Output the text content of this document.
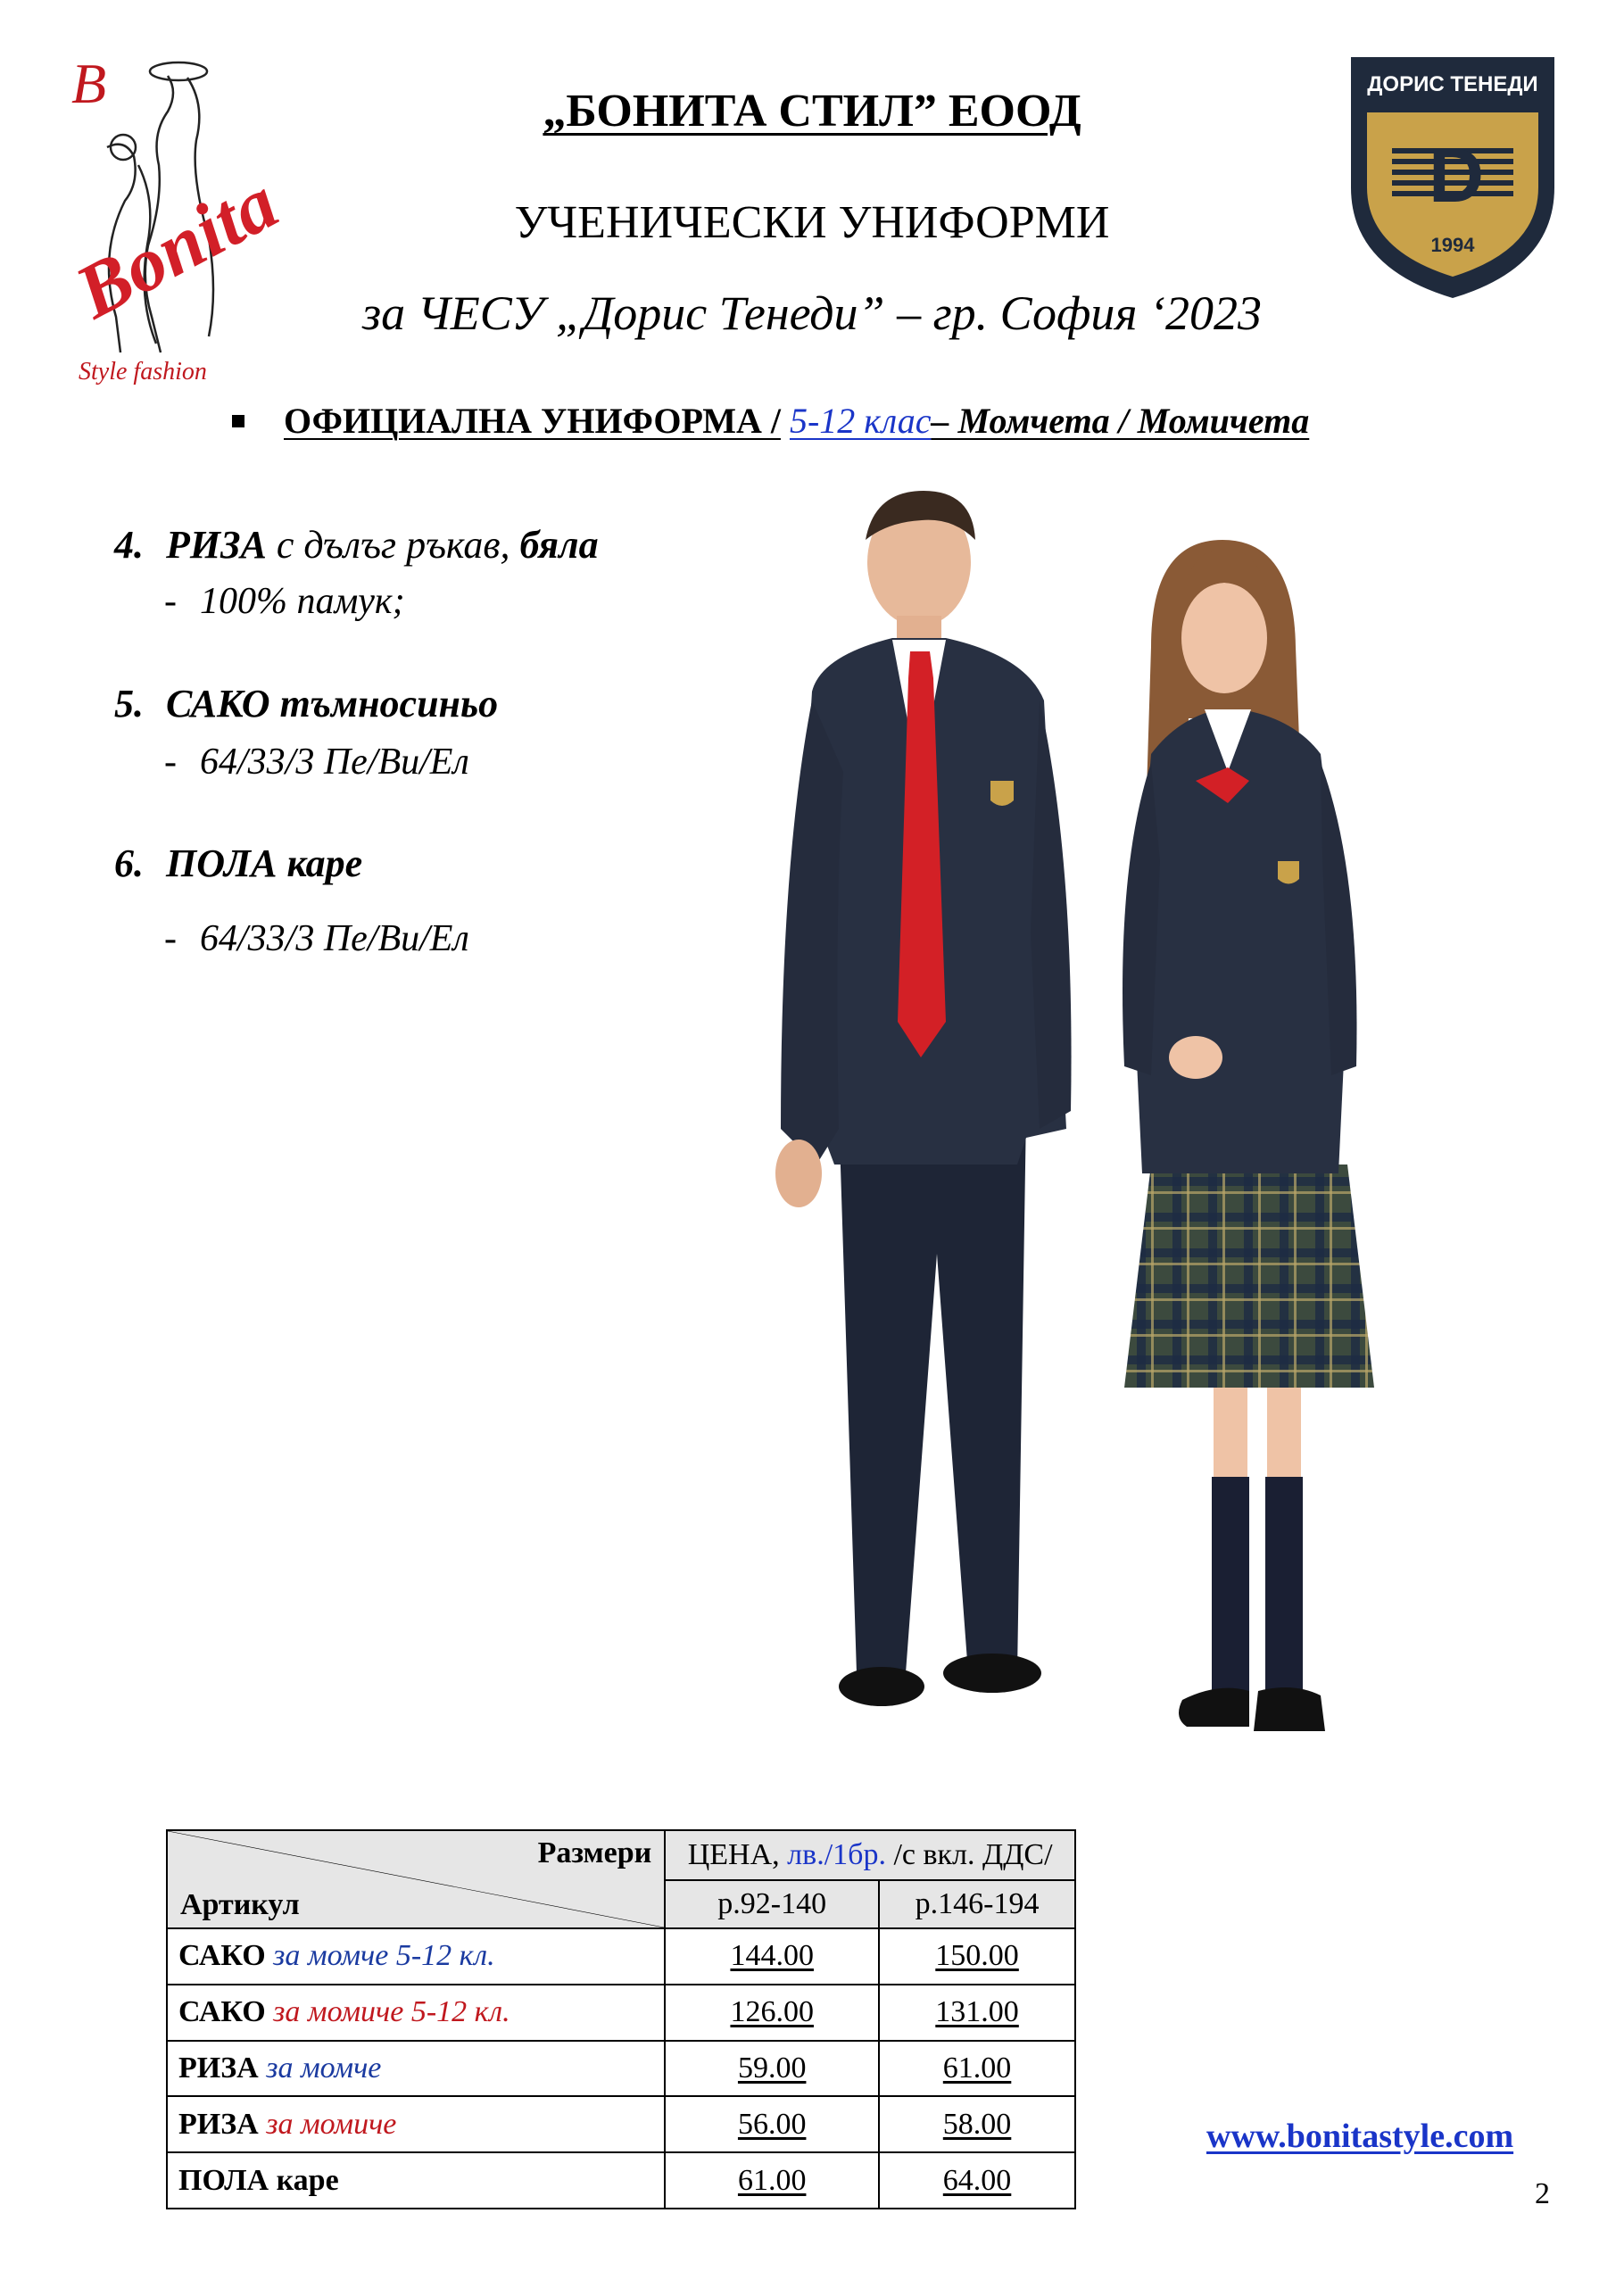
B
Bonita
Style fashion
ДОРИС ТЕНЕДИ
D
1994
„БОНИТА СТИЛ” ЕООД
УЧЕНИЧЕСКИ УНИФОРМИ
за ЧЕСУ „Дорис Тенеди” – гр. София ‘2023
ОФИЦИАЛНА УНИФОРМА / 5-12 клас– Момчета / Момичета
4. РИЗА с дълъг ръкав, бяла
- 100% памук;
5. САКО тъмносиньо
- 64/33/3 Пе/Ви/Ел
6. ПОЛА каре
- 64/33/3 Пе/Ви/Ел
Размери
Артикул	ЦЕНА, лв./1бр. /с вкл. ДДС/	
	р.92-140	р.146-194
САКО за момче 5-12 кл.	144.00	150.00
САКО за момиче 5-12 кл.	126.00	131.00
РИЗА за момче	59.00	61.00
РИЗА за момиче	56.00	58.00
ПОЛА каре	61.00	64.00
www.bonitastyle.com
2
